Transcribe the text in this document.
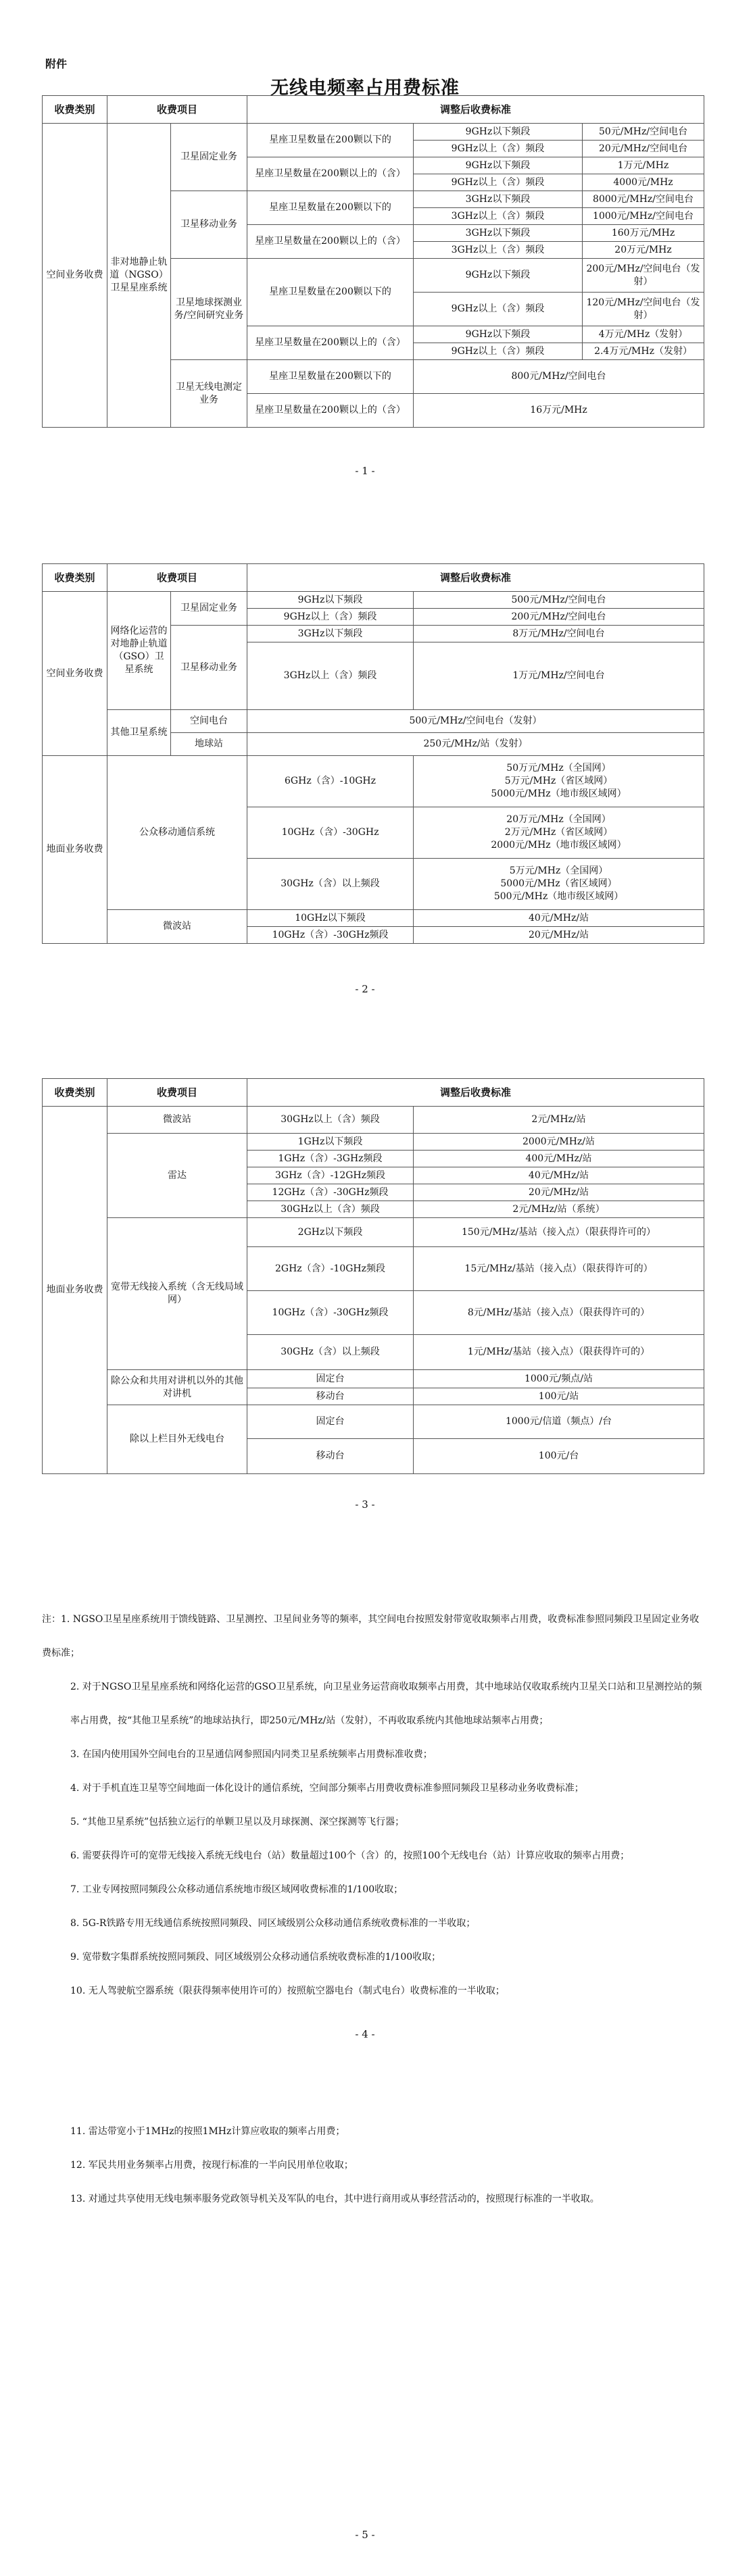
附件
无线电频率占用费标准
收费类别	收费项目		调整后收费标准		
空间业务收费	非对地静止轨道（NGSO）卫星星座系统	卫星固定业务	星座卫星数量在200颗以下的	9GHz以下频段	50元/MHz/空间电台
				9GHz以上（含）频段	20元/MHz/空间电台
			星座卫星数量在200颗以上的（含）	9GHz以下频段	1万元/MHz
				9GHz以上（含）频段	4000元/MHz
		卫星移动业务	星座卫星数量在200颗以下的	3GHz以下频段	8000元/MHz/空间电台
				3GHz以上（含）频段	1000元/MHz/空间电台
			星座卫星数量在200颗以上的（含）	3GHz以下频段	160万元/MHz
				3GHz以上（含）频段	20万元/MHz
		卫星地球探测业务/空间研究业务	星座卫星数量在200颗以下的	9GHz以下频段	200元/MHz/空间电台（发射）
				9GHz以上（含）频段	120元/MHz/空间电台（发射）
			星座卫星数量在200颗以上的（含）	9GHz以下频段	4万元/MHz（发射）
				9GHz以上（含）频段	2.4万元/MHz（发射）
		卫星无线电测定业务	星座卫星数量在200颗以下的	800元/MHz/空间电台	
			星座卫星数量在200颗以上的（含）	16万元/MHz	
- 1 -
收费类别	收费项目		调整后收费标准	
空间业务收费	网络化运营的对地静止轨道（GSO）卫星系统	卫星固定业务	9GHz以下频段	500元/MHz/空间电台
			9GHz以上（含）频段	200元/MHz/空间电台
		卫星移动业务	3GHz以下频段	8万元/MHz/空间电台
			3GHz以上（含）频段	1万元/MHz/空间电台
	其他卫星系统	空间电台	500元/MHz/空间电台（发射）	
		地球站	250元/MHz/站（发射）	
地面业务收费	公众移动通信系统		6GHz（含）-10GHz	50万元/MHz（全国网）
5万元/MHz（省区域网）
5000元/MHz（地市级区域网）

			10GHz（含）-30GHz	20万元/MHz（全国网）
2万元/MHz（省区域网）
2000元/MHz（地市级区域网）

			30GHz（含）以上频段	5万元/MHz（全国网）
5000元/MHz（省区域网）
500元/MHz（地市级区域网）

	微波站		10GHz以下频段	40元/MHz/站
			10GHz（含）-30GHz频段	20元/MHz/站
- 2 -
收费类别	收费项目	调整后收费标准	
地面业务收费	微波站	30GHz以上（含）频段	2元/MHz/站
	雷达	1GHz以下频段	2000元/MHz/站
		1GHz（含）-3GHz频段	400元/MHz/站
		3GHz（含）-12GHz频段	40元/MHz/站
		12GHz（含）-30GHz频段	20元/MHz/站
		30GHz以上（含）频段	2元/MHz/站（系统）
	宽带无线接入系统（含无线局域网）	2GHz以下频段	150元/MHz/基站（接入点）（限获得许可的）
		2GHz（含）-10GHz频段	15元/MHz/基站（接入点）（限获得许可的）
		10GHz（含）-30GHz频段	8元/MHz/基站（接入点）（限获得许可的）
		30GHz（含）以上频段	1元/MHz/基站（接入点）（限获得许可的）
	除公众和共用对讲机以外的其他对讲机	固定台	1000元/频点/站
		移动台	100元/站
	除以上栏目外无线电台	固定台	1000元/信道（频点）/台
		移动台	100元/台
- 3 -

注：1. NGSO卫星星座系统用于馈线链路、卫星测控、卫星间业务等的频率，其空间电台按照发射带宽收取频率占用费，收费标准参照同频段卫星固定业务收费标准；

2. 对于NGSO卫星星座系统和网络化运营的GSO卫星系统，向卫星业务运营商收取频率占用费，其中地球站仅收取系统内卫星关口站和卫星测控站的频率占用费，按“其他卫星系统”的地球站执行，即250元/MHz/站（发射），不再收取系统内其他地球站频率占用费；

3. 在国内使用国外空间电台的卫星通信网参照国内同类卫星系统频率占用费标准收费；

4. 对于手机直连卫星等空间地面一体化设计的通信系统，空间部分频率占用费收费标准参照同频段卫星移动业务收费标准；

5. “其他卫星系统”包括独立运行的单颗卫星以及月球探测、深空探测等飞行器；

6. 需要获得许可的宽带无线接入系统无线电台（站）数量超过100个（含）的，按照100个无线电台（站）计算应收取的频率占用费；

7. 工业专网按照同频段公众移动通信系统地市级区域网收费标准的1/100收取；

8. 5G-R铁路专用无线通信系统按照同频段、同区域级别公众移动通信系统收费标准的一半收取；

9. 宽带数字集群系统按照同频段、同区域级别公众移动通信系统收费标准的1/100收取；

10. 无人驾驶航空器系统（限获得频率使用许可的）按照航空器电台（制式电台）收费标准的一半收取；

- 4 -

11. 雷达带宽小于1MHz的按照1MHz计算应收取的频率占用费；

12. 军民共用业务频率占用费，按现行标准的一半向民用单位收取；

13. 对通过共享使用无线电频率服务党政领导机关及军队的电台，其中进行商用或从事经营活动的，按照现行标准的一半收取。

- 5 -
